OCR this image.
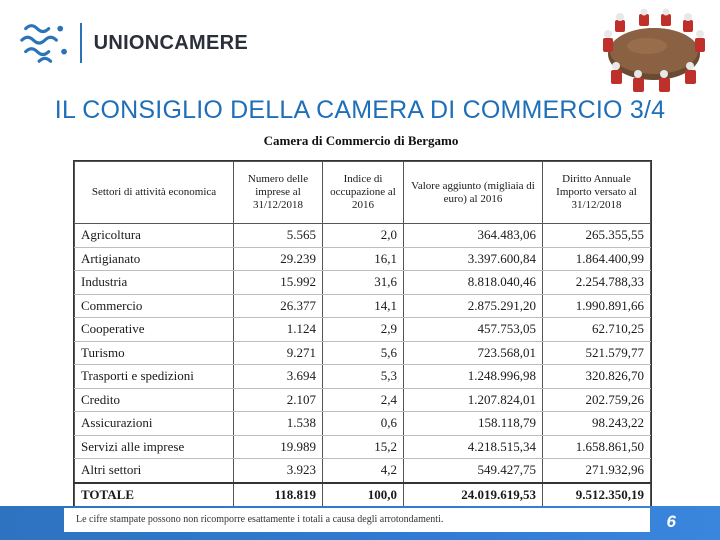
UNIONCAMERE
IL CONSIGLIO DELLA CAMERA DI COMMERCIO 3/4
Camera di Commercio di Bergamo
Settori di attività economica	Numero delle imprese al 31/12/2018	Indice di occupazione al 2016	Valore aggiunto (migliaia di euro) al 2016	Diritto Annuale Importo versato al 31/12/2018
Agricoltura	5.565	2,0	364.483,06	265.355,55
Artigianato	29.239	16,1	3.397.600,84	1.864.400,99
Industria	15.992	31,6	8.818.040,46	2.254.788,33
Commercio	26.377	14,1	2.875.291,20	1.990.891,66
Cooperative	1.124	2,9	457.753,05	62.710,25
Turismo	9.271	5,6	723.568,01	521.579,77
Trasporti e spedizioni	3.694	5,3	1.248.996,98	320.826,70
Credito	2.107	2,4	1.207.824,01	202.759,26
Assicurazioni	1.538	0,6	158.118,79	98.243,22
Servizi alle imprese	19.989	15,2	4.218.515,34	1.658.861,50
Altri settori	3.923	4,2	549.427,75	271.932,96
TOTALE	118.819	100,0	24.019.619,53	9.512.350,19
Le cifre stampate possono non ricomporre esattamente i totali a causa degli arrotondamenti.	6
